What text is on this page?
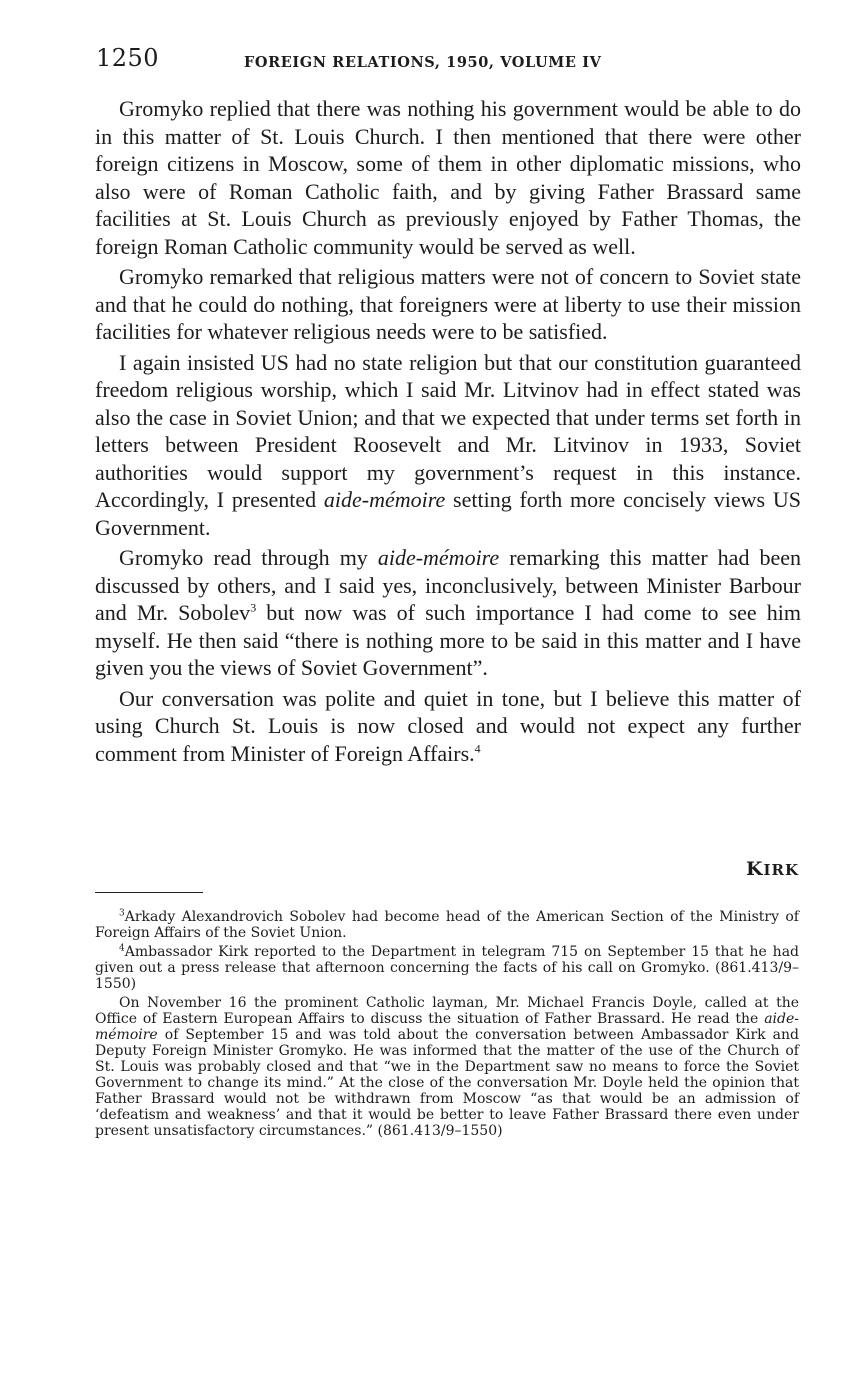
1250	FOREIGN RELATIONS, 1950, VOLUME IV

Gromyko replied that there was nothing his government would be able to do in this matter of St. Louis Church. I then mentioned that there were other foreign citizens in Moscow, some of them in other diplomatic missions, who also were of Roman Catholic faith, and by giving Father Brassard same facilities at St. Louis Church as previously enjoyed by Father Thomas, the foreign Roman Catholic community would be served as well.

Gromyko remarked that religious matters were not of concern to Soviet state and that he could do nothing, that foreigners were at liberty to use their mission facilities for whatever religious needs were to be satisfied.

I again insisted US had no state religion but that our constitution guaranteed freedom religious worship, which I said Mr. Litvinov had in effect stated was also the case in Soviet Union; and that we expected that under terms set forth in letters between President Roosevelt and Mr. Litvinov in 1933, Soviet authorities would support my government’s request in this instance. Accordingly, I presented aide-mémoire setting forth more concisely views US Government.

Gromyko read through my aide-mémoire remarking this matter had been discussed by others, and I said yes, inconclusively, between Minister Barbour and Mr. Sobolev$^3$ but now was of such importance I had come to see him myself. He then said “there is nothing more to be said in this matter and I have given you the views of Soviet Government”.

Our conversation was polite and quiet in tone, but I believe this matter of using Church St. Louis is now closed and would not expect any further comment from Minister of Foreign Affairs.$^4$

KIRK

$^3$Arkady Alexandrovich Sobolev had become head of the American Section of the Ministry of Foreign Affairs of the Soviet Union.

$^4$Ambassador Kirk reported to the Department in telegram 715 on September 15 that he had given out a press release that afternoon concerning the facts of his call on Gromyko. (861.413/9–1550)

On November 16 the prominent Catholic layman, Mr. Michael Francis Doyle, called at the Office of Eastern European Affairs to discuss the situation of Father Brassard. He read the aide-mémoire of September 15 and was told about the conversation between Ambassador Kirk and Deputy Foreign Minister Gromyko. He was informed that the matter of the use of the Church of St. Louis was probably closed and that “we in the Department saw no means to force the Soviet Government to change its mind.” At the close of the conversation Mr. Doyle held the opinion that Father Brassard would not be withdrawn from Moscow “as that would be an admission of ‘defeatism and weakness’ and that it would be better to leave Father Brassard there even under present unsatisfactory circumstances.” (861.413/9–1550)
